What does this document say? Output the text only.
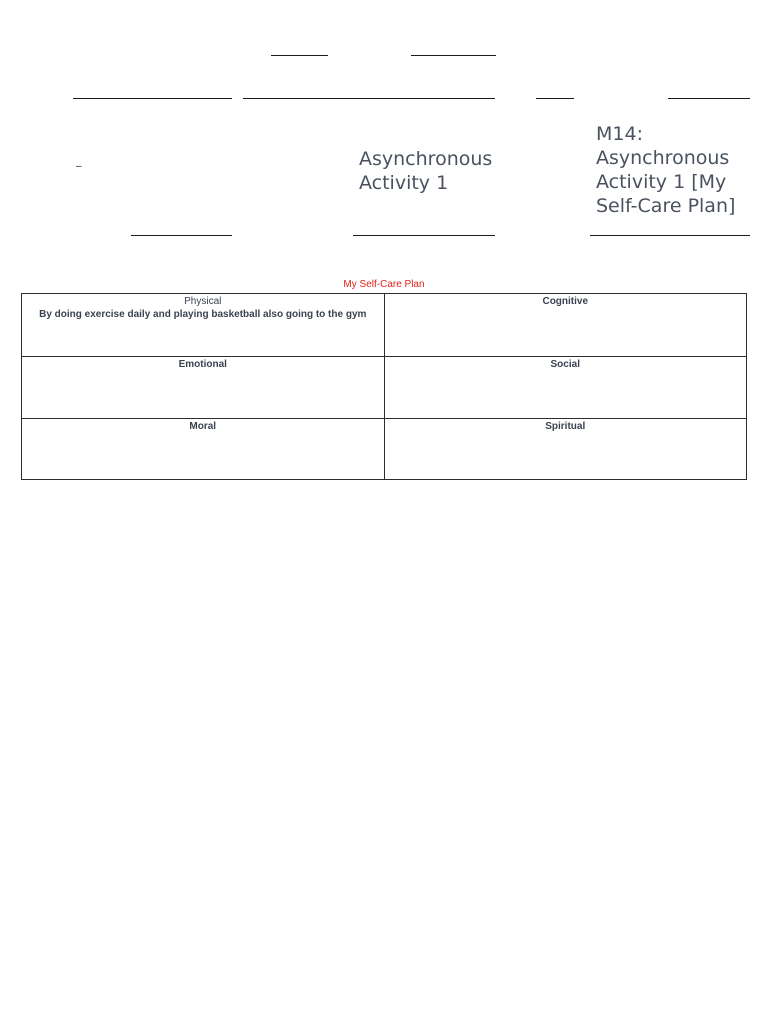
–	Asynchronous
Activity 1
M14:
Asynchronous
Activity 1 [My
Self-Care Plan]
My Self-Care Plan
Physical
By doing exercise daily and playing basketball also going to the gym	Cognitive

Emotional	Social

Moral	Spiritual
